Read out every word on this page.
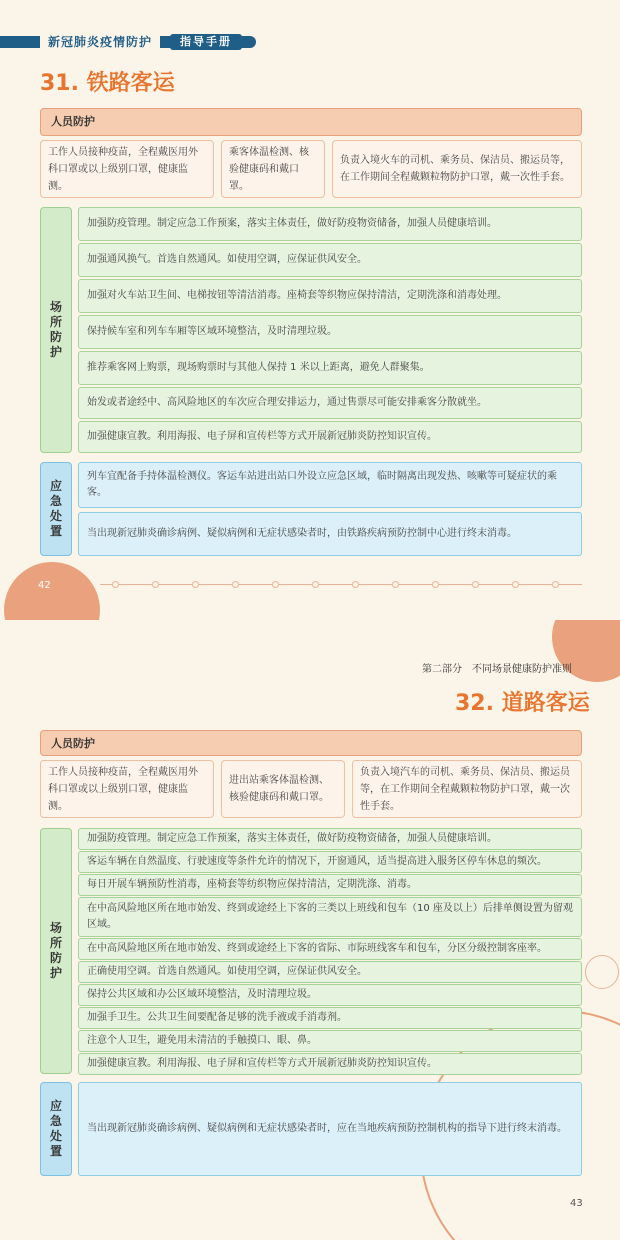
新冠肺炎疫情防护	指导手册
31. 铁路客运
人员防护
工作人员接种疫苗，全程戴医用外科口罩或以上级别口罩，健康监测。
乘客体温检测、核验健康码和戴口罩。
负责入境火车的司机、乘务员、保洁员、搬运员等，在工作期间全程戴颗粒物防护口罩，戴一次性手套。
场所防护
加强防疫管理。制定应急工作预案，落实主体责任，做好防疫物资储备，加强人员健康培训。
加强通风换气。首选自然通风。如使用空调，应保证供风安全。
加强对火车站卫生间、电梯按钮等清洁消毒。座椅套等织物应保持清洁，定期洗涤和消毒处理。
保持候车室和列车车厢等区域环境整洁，及时清理垃圾。
推荐乘客网上购票，现场购票时与其他人保持 1 米以上距离，避免人群聚集。
始发或者途经中、高风险地区的车次应合理安排运力，通过售票尽可能安排乘客分散就坐。
加强健康宣教。利用海报、电子屏和宣传栏等方式开展新冠肺炎防控知识宣传。
应急处置
列车宜配备手持体温检测仪。客运车站进出站口外设立应急区域，临时隔离出现发热、咳嗽等可疑症状的乘客。
当出现新冠肺炎确诊病例、疑似病例和无症状感染者时，由铁路疾病预防控制中心进行终末消毒。
42
第二部分　不同场景健康防护准则
32. 道路客运
人员防护
工作人员接种疫苗，全程戴医用外科口罩或以上级别口罩，健康监测。
进出站乘客体温检测、核验健康码和戴口罩。
负责入境汽车的司机、乘务员、保洁员、搬运员等，在工作期间全程戴颗粒物防护口罩，戴一次性手套。
场所防护
加强防疫管理。制定应急工作预案，落实主体责任，做好防疫物资储备，加强人员健康培训。
客运车辆在自然温度、行驶速度等条件允许的情况下，开窗通风，适当提高进入服务区停车休息的频次。
每日开展车辆预防性消毒，座椅套等纺织物应保持清洁，定期洗涤、消毒。
在中高风险地区所在地市始发、终到或途经上下客的三类以上班线和包车（10 座及以上）后排单侧设置为留观区域。
在中高风险地区所在地市始发、终到或途经上下客的省际、市际班线客车和包车，分区分级控制客座率。
正确使用空调。首选自然通风。如使用空调，应保证供风安全。
保持公共区域和办公区域环境整洁，及时清理垃圾。
加强手卫生。公共卫生间要配备足够的洗手液或手消毒剂。
注意个人卫生，避免用未清洁的手触摸口、眼、鼻。
加强健康宣教。利用海报、电子屏和宣传栏等方式开展新冠肺炎防控知识宣传。
应急处置
当出现新冠肺炎确诊病例、疑似病例和无症状感染者时，应在当地疾病预防控制机构的指导下进行终末消毒。
43
